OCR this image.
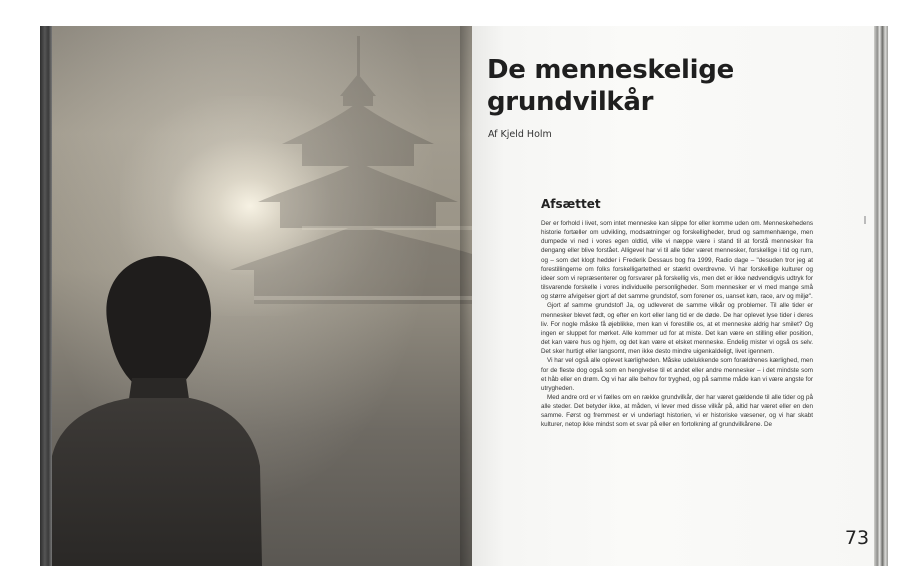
De menneskelige
grundvilkår
Af Kjeld Holm
Afsættet

Der er forhold i livet, som intet menneske kan slippe for eller komme uden om. Menneskehedens historie fortæller om udvikling, modsætninger og forskelligheder, brud og sammenhænge, men dumpede vi ned i vores egen oldtid, ville vi næppe være i stand til at forstå mennesker fra dengang eller blive forstået. Alligevel har vi til alle tider været mennesker, forskellige i tid og rum, og – som det klogt hedder i Frederik Dessaus bog fra 1999, Radio dage – "desuden tror jeg at forestillingerne om folks forskelligartethed er stærkt overdrevne. Vi har forskellige kulturer og ideer som vi repræsenterer og forsvarer på forskellig vis, men det er ikke nødvendigvis udtryk for tilsvarende forskelle i vores individuelle personligheder. Som mennesker er vi med mange små og større afvigelser gjort af det samme grundstof, som forener os, uanset køn, race, arv og miljø".

Gjort af samme grundstof! Ja, og udleveret de samme vilkår og problemer. Til alle tider er mennesker blevet født, og efter en kort eller lang tid er de døde. De har oplevet lyse tider i deres liv. For nogle måske få øjeblikke, men kan vi forestille os, at et menneske aldrig har smilet? Og ingen er sluppet for mørket. Alle kommer ud for at miste. Det kan være en stilling eller position, det kan være hus og hjem, og det kan være et elsket menneske. Endelig mister vi også os selv. Det sker hurtigt eller langsomt, men ikke desto mindre uigenkaldeligt, livet igennem.

Vi har vel også alle oplevet kærligheden. Måske udelukkende som forældrenes kærlighed, men for de fleste dog også som en hengivelse til et andet eller andre mennesker – i det mindste som et håb eller en drøm. Og vi har alle behov for tryghed, og på samme måde kan vi være angste for utrygheden.

Med andre ord er vi fælles om en række grundvilkår, der har været gældende til alle tider og på alle steder. Det betyder ikke, at måden, vi lever med disse vilkår på, altid har været eller en den samme. Først og fremmest er vi underlagt historien, vi er historiske væsener, og vi har skabt kulturer, netop ikke mindst som et svar på eller en fortolkning af grundvilkårene. De

73
